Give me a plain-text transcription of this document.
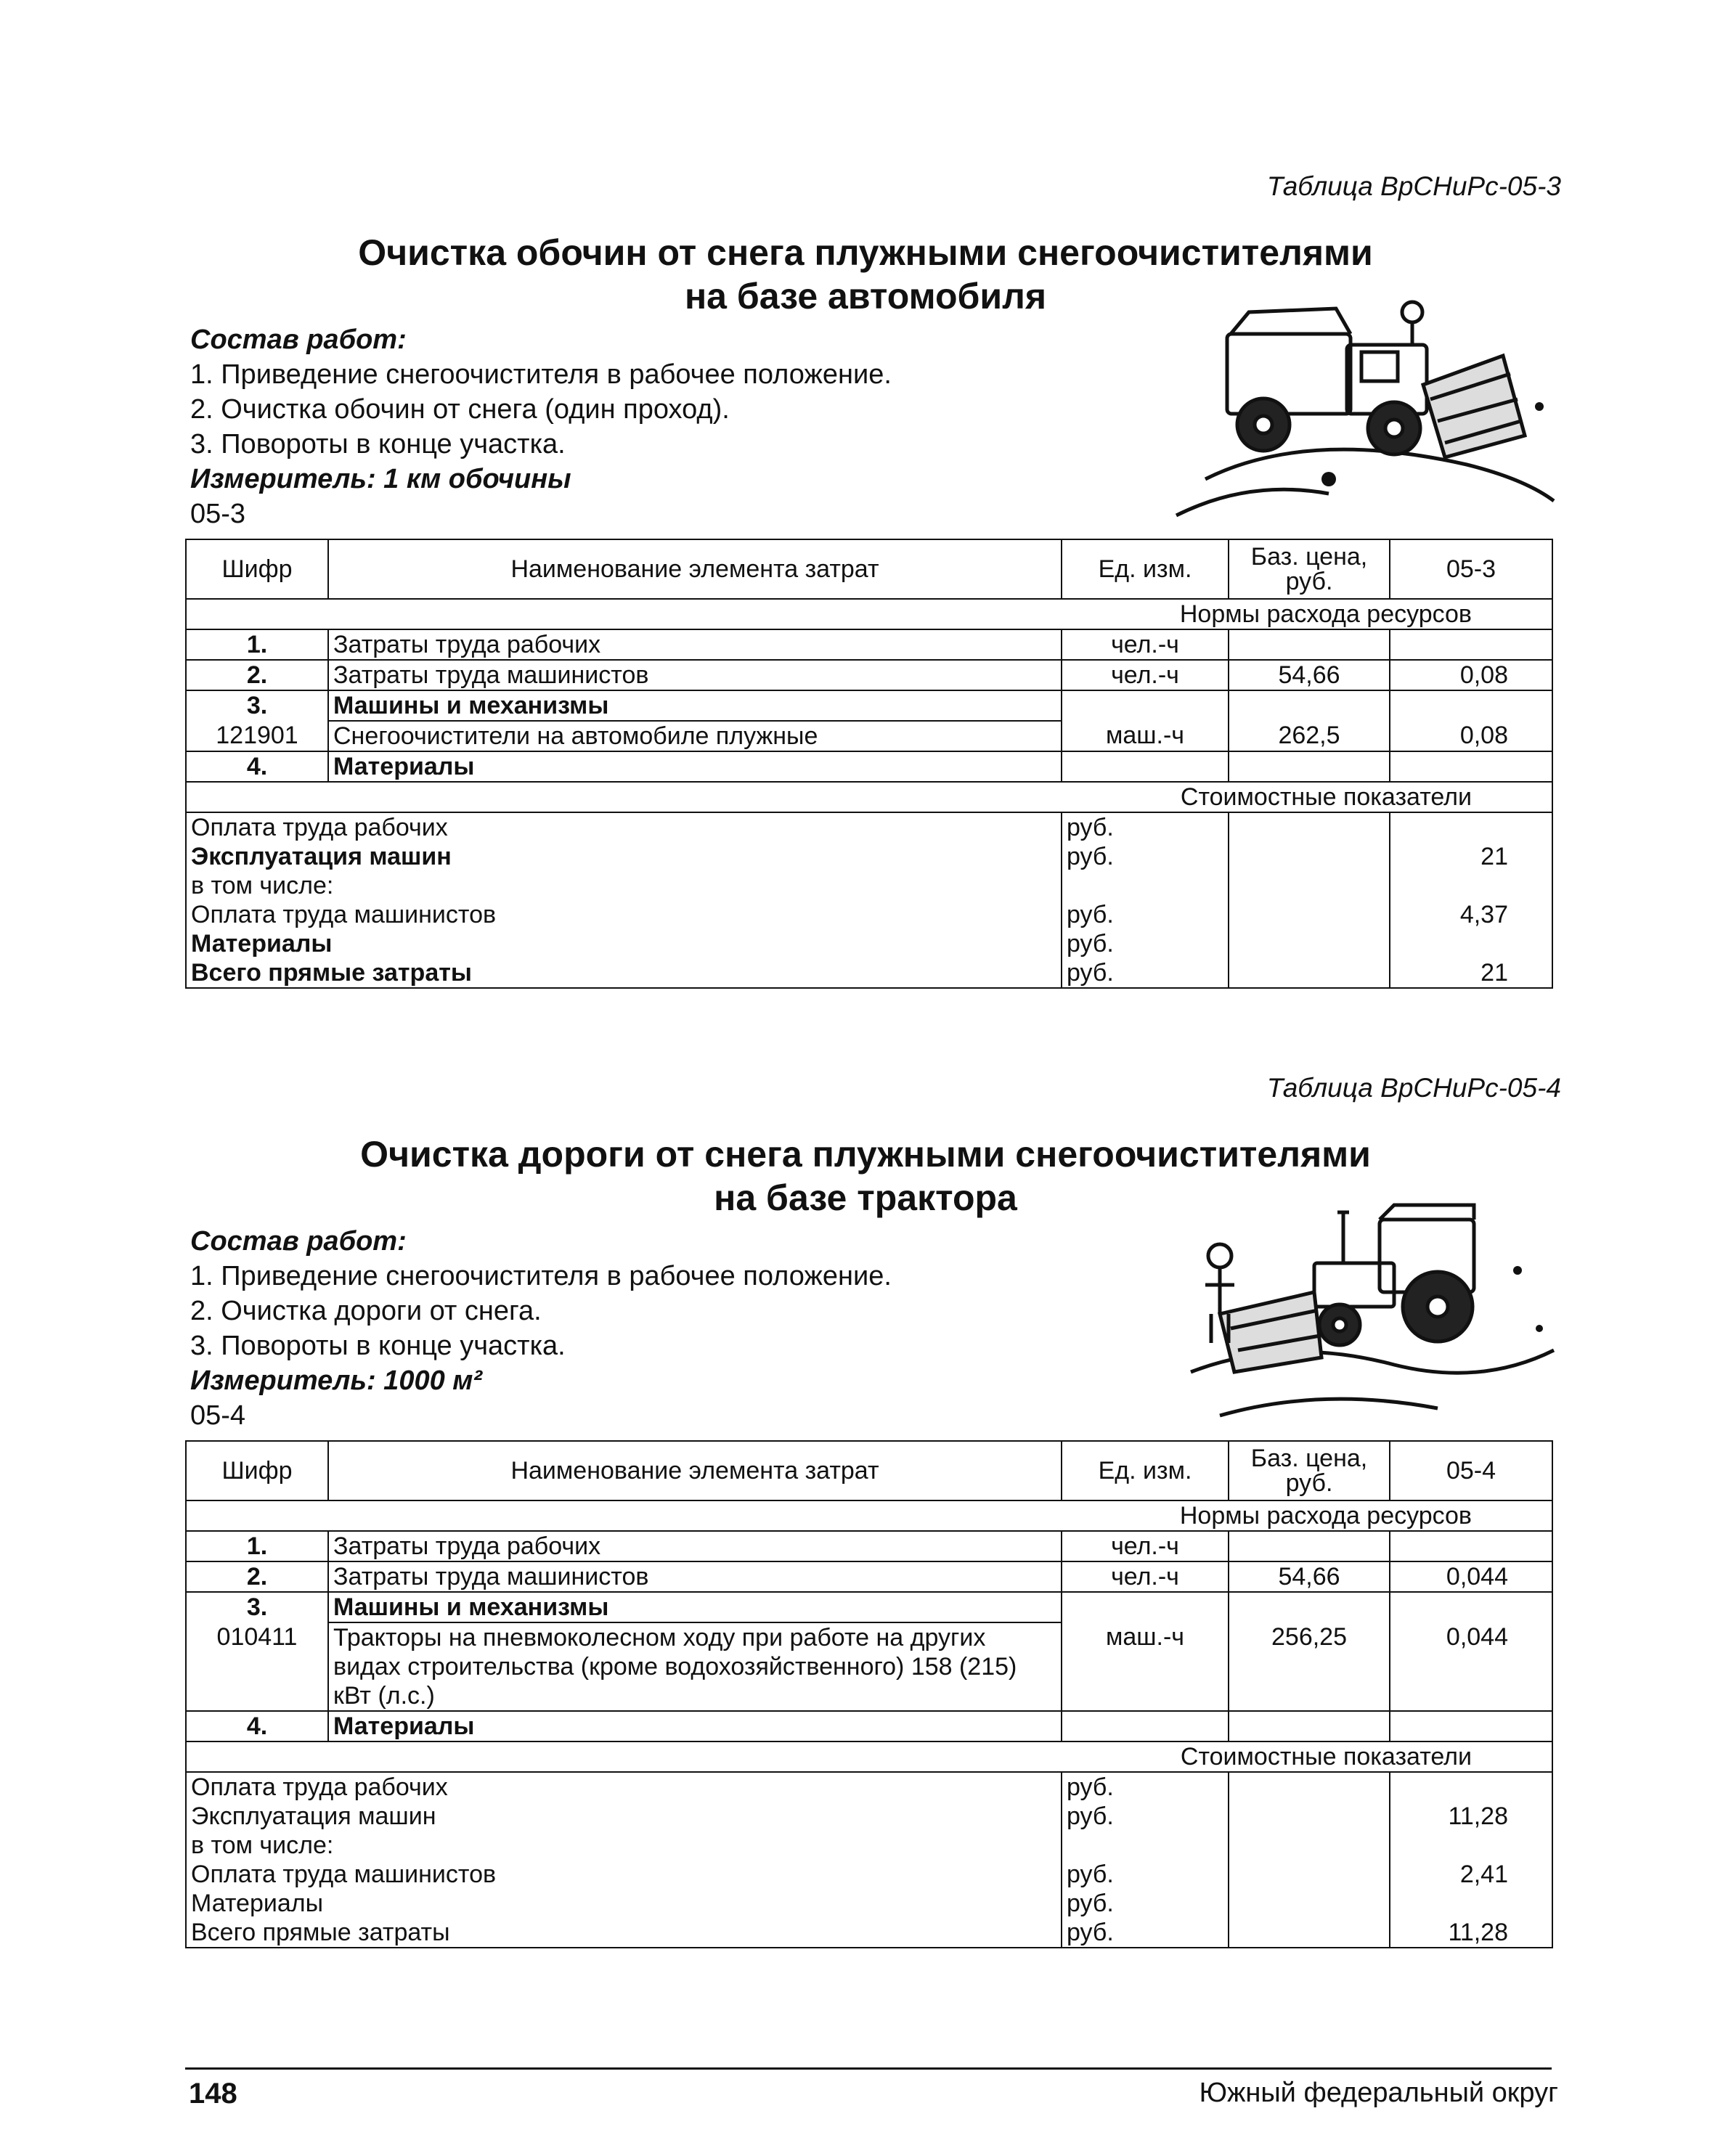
Таблица ВрСНиРс-05-3
Очистка обочин от снега плужными снегоочистителями
на базе автомобиля
Состав работ:
1. Приведение снегоочистителя в рабочее положение.
2. Очистка обочин от снега (один проход).
3. Повороты в конце участка.
Измеритель: 1 км обочины
05-3
Шифр	Наименование элемента затрат	Ед. изм.	Баз. цена, руб.	05-3
Нормы расхода ресурсов				
1.	Затраты труда рабочих	чел.-ч		
2.	Затраты труда машинистов	чел.-ч	54,66	0,08
3.	Машины и механизмы			
121901	Снегоочистители на автомобиле плужные	маш.-ч	262,5	0,08
4.	Материалы			
Стоимостные показатели				
Оплата труда рабочих		руб.		
Эксплуатация машин		руб.		21
в том числе:				
Оплата труда машинистов		руб.		4,37
Материалы		руб.		
Всего прямые затраты		руб.		21
Таблица ВрСНиРс-05-4
Очистка дороги от снега плужными снегоочистителями
на базе трактора
Состав работ:
1. Приведение снегоочистителя в рабочее положение.
2. Очистка дороги от снега.
3. Повороты в конце участка.
Измеритель: 1000 м²
05-4
Шифр	Наименование элемента затрат	Ед. изм.	Баз. цена, руб.	05-4
Нормы расхода ресурсов				
1.	Затраты труда рабочих	чел.-ч		
2.	Затраты труда машинистов	чел.-ч	54,66	0,044
3.	Машины и механизмы			
010411	Тракторы на пневмоколесном ходу при работе на других видах строительства (кроме водохозяйственного) 158 (215) кВт (л.с.)	маш.-ч	256,25	0,044
4.	Материалы			
Стоимостные показатели				
Оплата труда рабочих		руб.		
Эксплуатация машин		руб.		11,28
в том числе:				
Оплата труда машинистов		руб.		2,41
Материалы		руб.		
Всего прямые затраты		руб.		11,28
148	Южный федеральный округ
